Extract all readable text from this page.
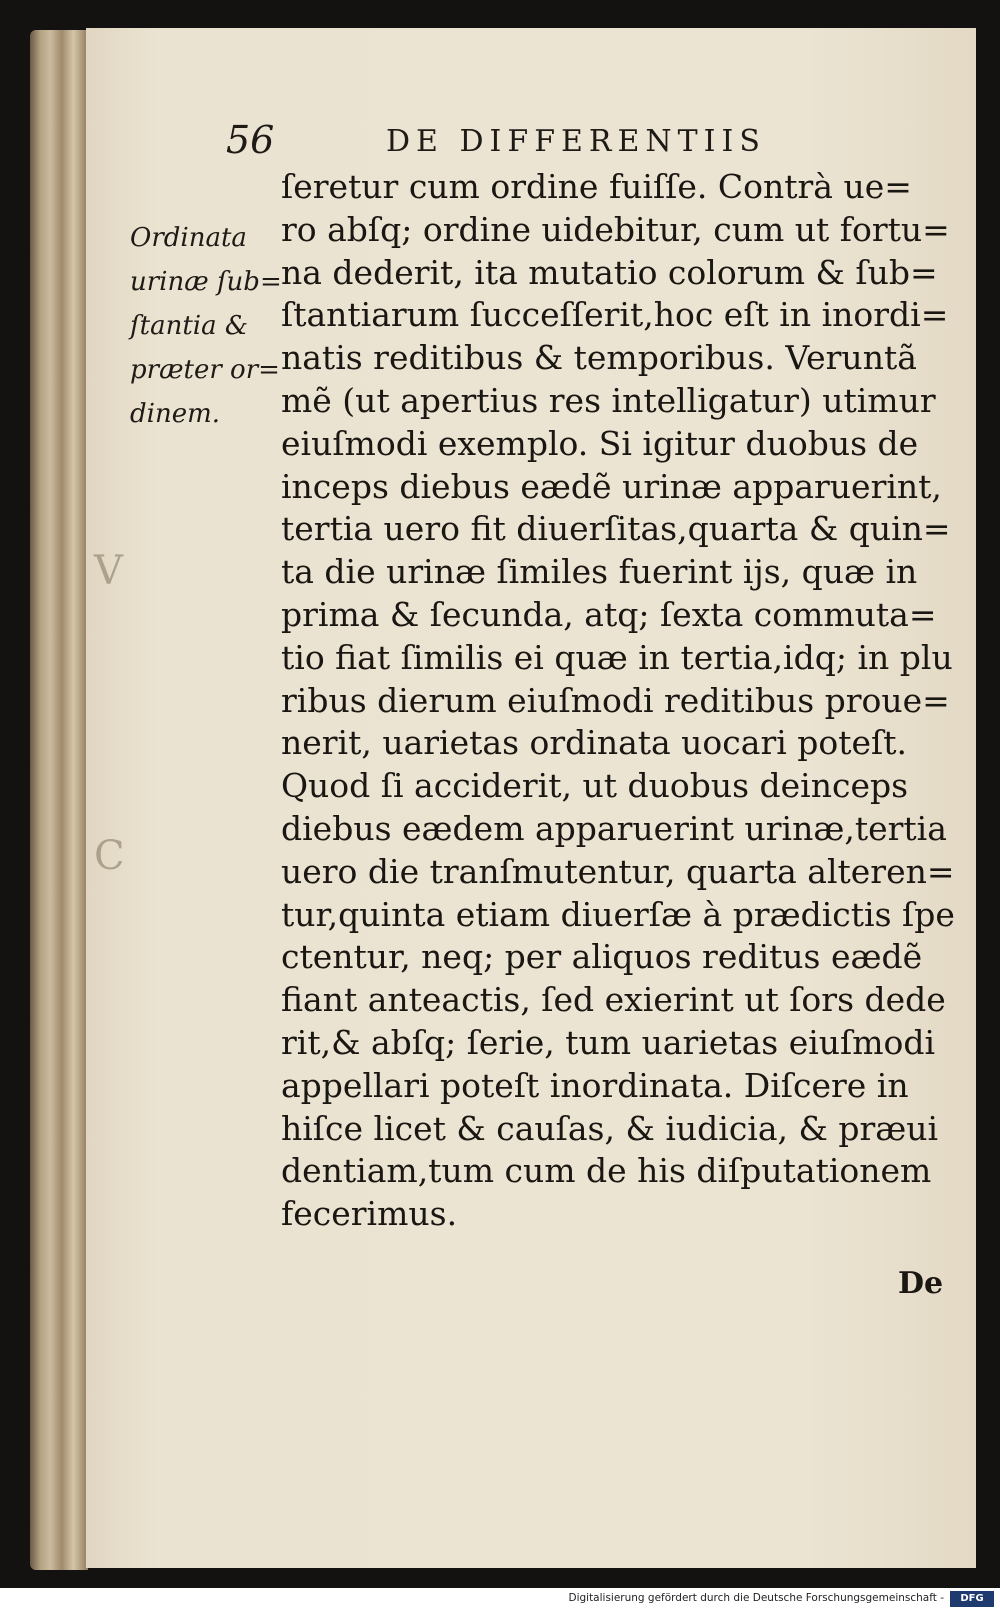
56	DE DIFFERENTIIS
Ordinata
urinæ ſub=
ſtantia &
præter or=
dinem.
ſeretur cum ordine fuiſſe. Contrà ue=
ro abſq; ordine uidebitur, cum ut fortu=
na dederit, ita mutatio colorum & ſub=
ſtantiarum ſucceſſerit,hoc eſt in inordi=
natis reditibus & temporibus. Veruntã
mẽ (ut apertius res intelligatur) utimur
eiuſmodi exemplo. Si igitur duobus de
inceps diebus eædẽ urinæ apparuerint,
tertia uero fit diuerſitas,quarta & quin=
ta die urinæ ſimiles fuerint ijs, quæ in
prima & ſecunda, atq; ſexta commuta=
tio fiat ſimilis ei quæ in tertia,idq; in plu
ribus dierum eiuſmodi reditibus proue=
nerit, uarietas ordinata uocari poteſt.
Quod ſi acciderit, ut duobus deinceps
diebus eædem apparuerint urinæ,tertia
uero die tranſmutentur, quarta alteren=
tur,quinta etiam diuerſæ à prædictis ſpe
ctentur, neq; per aliquos reditus eædẽ
fiant anteactis, ſed exierint ut ſors dede
rit,& abſq; ſerie, tum uarietas eiuſmodi
appellari poteſt inordinata. Diſcere in
hiſce licet & cauſas, & iudicia, & præui
dentiam,tum cum de his diſputationem
fecerimus.
De
V
C
Digitalisierung gefördert durch die Deutsche Forschungsgemeinschaft -	DFG
